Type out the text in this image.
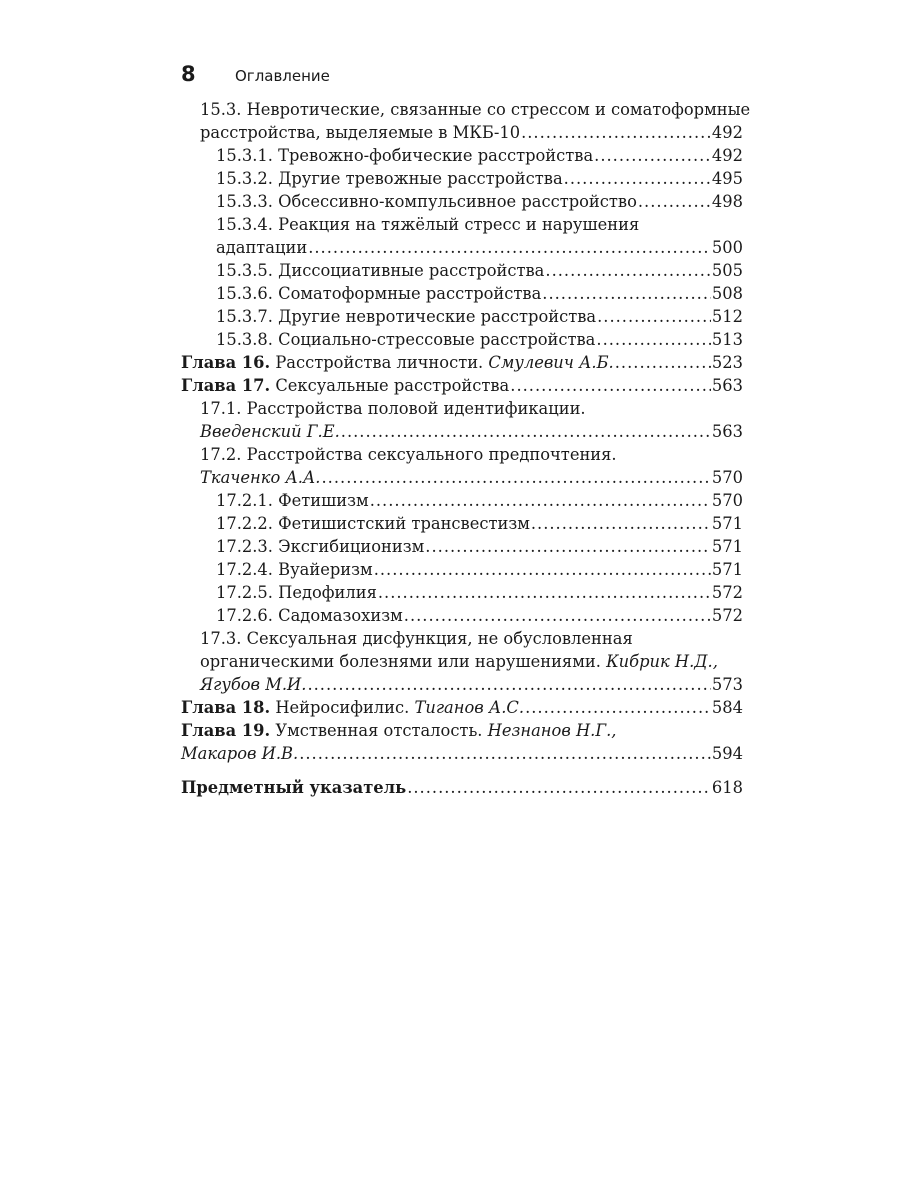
8	Оглавление
15.3. Невротические, связанные со стрессом и соматоформные
расстройства, выделяемые в МКБ-10 .....	492
15.3.1. Тревожно-фобические расстройства .....	492
15.3.2. Другие тревожные расстройства .....	495
15.3.3. Обсессивно-компульсивное расстройство .....	498
15.3.4. Реакция на тяжёлый стресс и нарушения
адаптации .....	500
15.3.5. Диссоциативные расстройства .....	505
15.3.6. Соматоформные расстройства .....	508
15.3.7. Другие невротические расстройства .....	512
15.3.8. Социально-стрессовые расстройства .....	513
Глава 16. Расстройства личности. Смулевич А.Б. .....	523
Глава 17. Сексуальные расстройства .....	563
17.1. Расстройства половой идентификации.
Введенский Г.Е. .....	563
17.2. Расстройства сексуального предпочтения.
Ткаченко А.А. .....	570
17.2.1. Фетишизм .....	570
17.2.2. Фетишистский трансвестизм .....	571
17.2.3. Эксгибиционизм .....	571
17.2.4. Вуайеризм .....	571
17.2.5. Педофилия .....	572
17.2.6. Садомазохизм .....	572
17.3. Сексуальная дисфункция, не обусловленная
органическими болезнями или нарушениями. Кибрик Н.Д.,
Ягубов М.И. .....	573
Глава 18. Нейросифилис. Тиганов А.С. .....	584
Глава 19. Умственная отсталость. Незнанов Н.Г.,
Макаров И.В. .....	594
Предметный указатель .....	618
